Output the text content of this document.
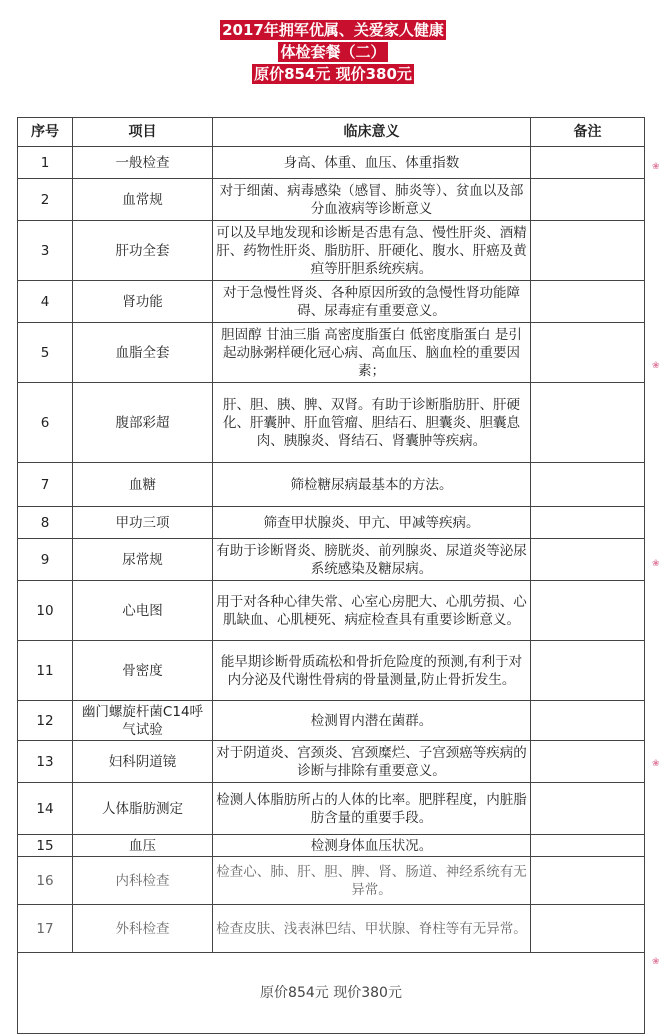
2017年拥军优属、关爱家人健康
体检套餐（二）
原价854元 现价380元
序号	项目	临床意义	备注
1	一般检查	身高、体重、血压、体重指数	
2	血常规	对于细菌、病毒感染（感冒、肺炎等）、贫血以及部分血液病等诊断意义	
3	肝功全套	可以及早地发现和诊断是否患有急、慢性肝炎、酒精肝、药物性肝炎、脂肪肝、肝硬化、腹水、肝癌及黄疸等肝胆系统疾病。	
4	肾功能	对于急慢性肾炎、各种原因所致的急慢性肾功能障碍、尿毒症有重要意义。	
5	血脂全套	胆固醇 甘油三脂 高密度脂蛋白 低密度脂蛋白 是引起动脉粥样硬化冠心病、高血压、脑血栓的重要因素；	
6	腹部彩超	肝、胆、胰、脾、双肾。有助于诊断脂肪肝、肝硬化、肝囊肿、肝血管瘤、胆结石、胆囊炎、胆囊息肉、胰腺炎、肾结石、肾囊肿等疾病。	
7	血糖	筛检糖尿病最基本的方法。	
8	甲功三项	筛查甲状腺炎、甲亢、甲减等疾病。	
9	尿常规	有助于诊断肾炎、膀胱炎、前列腺炎、尿道炎等泌尿系统感染及糖尿病。	
10	心电图	用于对各种心律失常、心室心房肥大、心肌劳损、心肌缺血、心肌梗死、病症检查具有重要诊断意义。	
11	骨密度	能早期诊断骨质疏松和骨折危险度的预测,有利于对内分泌及代谢性骨病的骨量测量,防止骨折发生。	
12	幽门螺旋杆菌C14呼气试验	检测胃内潜在菌群。	
13	妇科阴道镜	对于阴道炎、宫颈炎、宫颈糜烂、子宫颈癌等疾病的诊断与排除有重要意义。	
14	人体脂肪测定	检测人体脂肪所占的人体的比率。肥胖程度，内脏脂肪含量的重要手段。	
15	血压	检测身体血压状况。	
16	内科检查	检查心、肺、肝、胆、脾、肾、肠道、神经系统有无异常。	
17	外科检查	检查皮肤、浅表淋巴结、甲状腺、脊柱等有无异常。	
原价854元 现价380元			
❀
❀
❀
❀
❀
